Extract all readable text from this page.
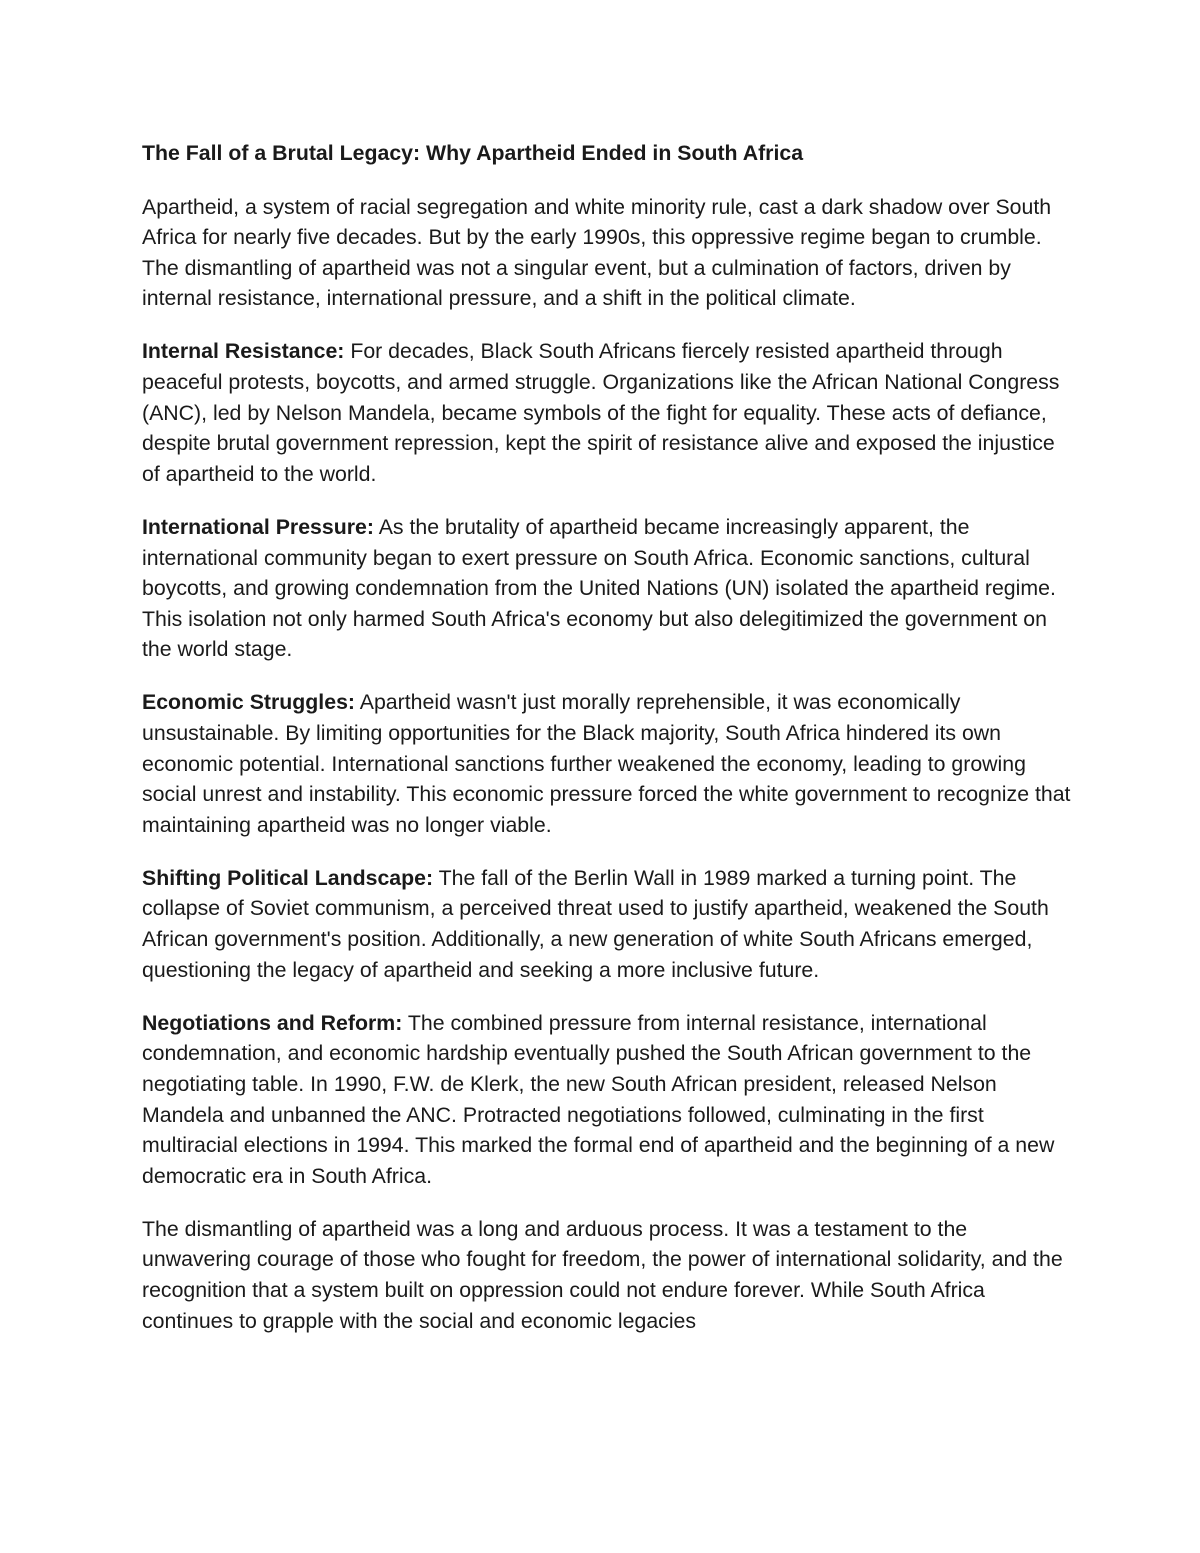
The Fall of a Brutal Legacy: Why Apartheid Ended in South Africa

Apartheid, a system of racial segregation and white minority rule, cast a dark shadow over South Africa for nearly five decades. But by the early 1990s, this oppressive regime began to crumble. The dismantling of apartheid was not a singular event, but a culmination of factors, driven by internal resistance, international pressure, and a shift in the political climate.

Internal Resistance: For decades, Black South Africans fiercely resisted apartheid through peaceful protests, boycotts, and armed struggle. Organizations like the African National Congress (ANC), led by Nelson Mandela, became symbols of the fight for equality. These acts of defiance, despite brutal government repression, kept the spirit of resistance alive and exposed the injustice of apartheid to the world.

International Pressure: As the brutality of apartheid became increasingly apparent, the international community began to exert pressure on South Africa. Economic sanctions, cultural boycotts, and growing condemnation from the United Nations (UN) isolated the apartheid regime. This isolation not only harmed South Africa's economy but also delegitimized the government on the world stage.

Economic Struggles: Apartheid wasn't just morally reprehensible, it was economically unsustainable. By limiting opportunities for the Black majority, South Africa hindered its own economic potential. International sanctions further weakened the economy, leading to growing social unrest and instability. This economic pressure forced the white government to recognize that maintaining apartheid was no longer viable.

Shifting Political Landscape: The fall of the Berlin Wall in 1989 marked a turning point. The collapse of Soviet communism, a perceived threat used to justify apartheid, weakened the South African government's position. Additionally, a new generation of white South Africans emerged, questioning the legacy of apartheid and seeking a more inclusive future.

Negotiations and Reform: The combined pressure from internal resistance, international condemnation, and economic hardship eventually pushed the South African government to the negotiating table. In 1990, F.W. de Klerk, the new South African president, released Nelson Mandela and unbanned the ANC. Protracted negotiations followed, culminating in the first multiracial elections in 1994. This marked the formal end of apartheid and the beginning of a new democratic era in South Africa.

The dismantling of apartheid was a long and arduous process. It was a testament to the unwavering courage of those who fought for freedom, the power of international solidarity, and the recognition that a system built on oppression could not endure forever. While South Africa continues to grapple with the social and economic legacies
